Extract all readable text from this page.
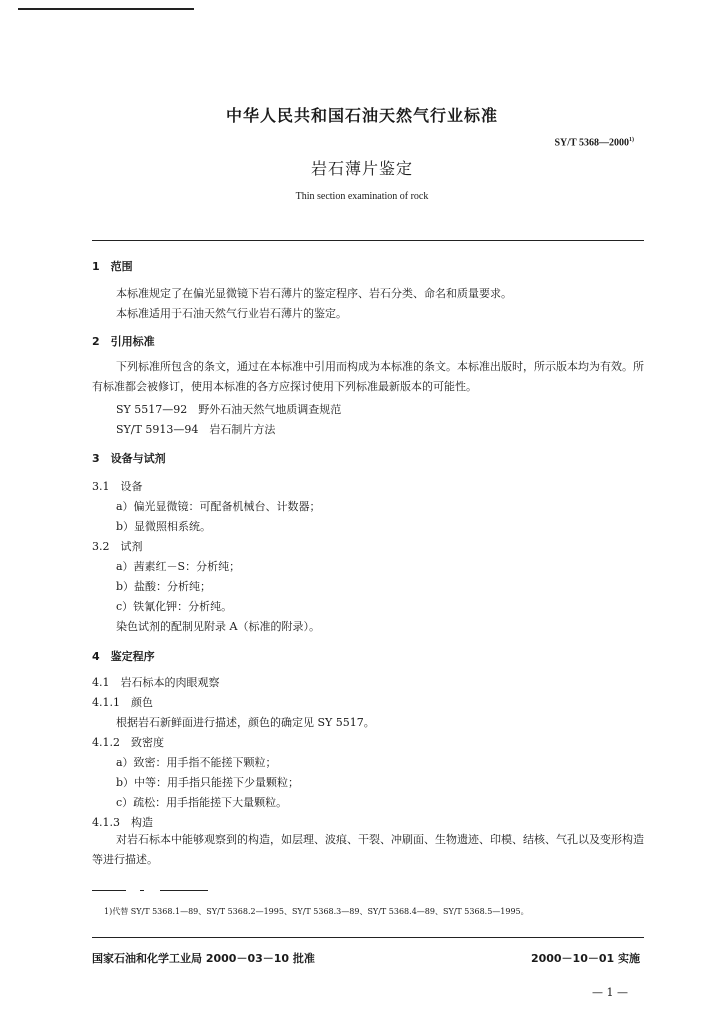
中华人民共和国石油天然气行业标准
SY/T 5368—2000$^{1)}$
岩石薄片鉴定
Thin section examination of rock
1　范围
本标准规定了在偏光显微镜下岩石薄片的鉴定程序、岩石分类、命名和质量要求。
本标准适用于石油天然气行业岩石薄片的鉴定。
2　引用标准
下列标准所包含的条文，通过在本标准中引用而构成为本标准的条文。本标准出版时，所示版本均为有效。所有标准都会被修订，使用本标准的各方应探讨使用下列标准最新版本的可能性。
SY 5517—92　野外石油天然气地质调查规范
SY/T 5913—94　岩石制片方法
3　设备与试剂
3.1　设备
a）偏光显微镜：可配备机械台、计数器；
b）显微照相系统。
3.2　试剂
a）茜素红－S：分析纯；
b）盐酸：分析纯；
c）铁氰化钾：分析纯。
染色试剂的配制见附录 A（标准的附录）。
4　鉴定程序
4.1　岩石标本的肉眼观察
4.1.1　颜色
根据岩石新鲜面进行描述，颜色的确定见 SY 5517。
4.1.2　致密度
a）致密：用手指不能搓下颗粒；
b）中等：用手指只能搓下少量颗粒；
c）疏松：用手指能搓下大量颗粒。
4.1.3　构造
对岩石标本中能够观察到的构造，如层理、波痕、干裂、冲刷面、生物遗迹、印模、结核、气孔以及变形构造等进行描述。
1)代替 SY/T 5368.1—89、SY/T 5368.2—1995、SY/T 5368.3—89、SY/T 5368.4—89、SY/T 5368.5—1995。
国家石油和化学工业局 2000－03－10 批准	2000－10－01 实施
— 1 —
